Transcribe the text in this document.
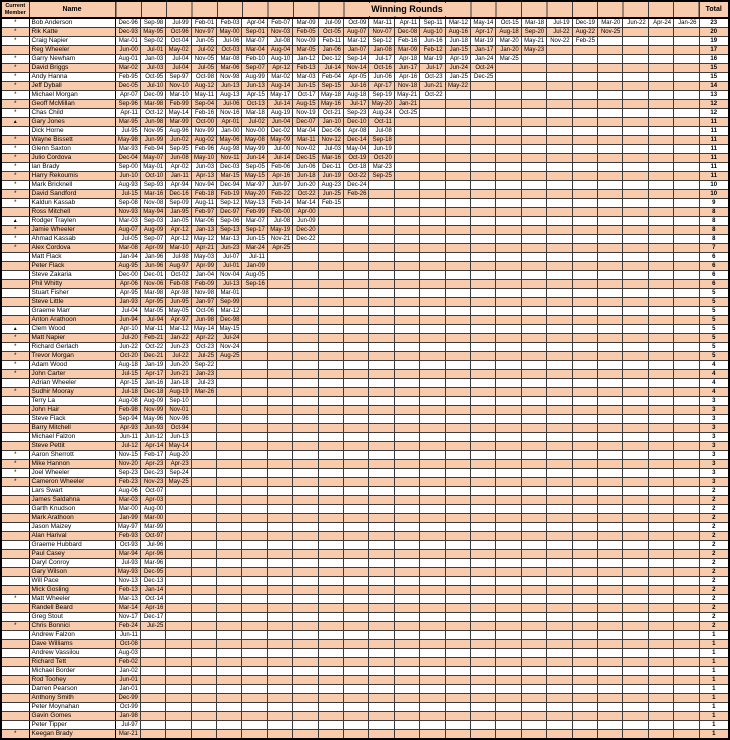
Current Member	Name	Winning Rounds																							Total
*	Bob Anderson	Dec-96	Sep-98	Jul-99	Feb-01	Feb-03	Apr-04	Feb-07	Mar-09	Jul-09	Oct-09	Mar-11	Apr-11	Sep-11	Mar-12	May-14	Oct-15	Mar-18	Jul-19	Dec-19	Mar-20	Jun-22	Apr-24	Jan-26	23
*	Rik Katte	Dec-93	May-95	Oct-96	Nov-97	May-00	Sep-01	Nov-03	Feb-05	Oct-05	Aug-07	Nov-07	Dec-08	Aug-10	Aug-16	Apr-17	Aug-18	Sep-20	Jul-22	Aug-22	Nov-25				20
*	Craig Napier	Mar-01	Sep-02	Oct-04	Jun-05	Jul-06	Mar-07	Jul-08	Nov-09	Feb-11	Mar-12	Sep-12	Feb-16	Jun-16	Jun-18	Mar-19	Mar-20	May-21	Nov-22	Feb-25					19
	Reg Wheeler	Jun-00	Jul-01	May-02	Jul-02	Oct-03	Mar-04	Aug-04	Mar-05	Jan-06	Jan-07	Jan-08	Mar-09	Feb-12	Jan-15	Jan-17	Jan-20	May-23							17
*	Garry Newham	Aug-01	Jan-03	Jul-04	Nov-05	Mar-08	Feb-10	Aug-10	Jan-12	Dec-12	Sep-14	Jul-17	Apr-18	Mar-19	Apr-19	Jan-24	Mar-25								16
*	David Briggs	Mar-02	Jul-03	Jul-04	Jul-05	Mar-06	Sep-07	Apr-12	Feb-13	Jul-14	Nov-14	Oct-16	Jun-17	Jul-17	Jun-24	Oct-24									15
*	Andy Hanna	Feb-95	Oct-95	Sep-97	Oct-98	Nov-98	Aug-99	Mar-02	Mar-03	Feb-04	Apr-05	Jun-06	Apr-16	Oct-23	Jan-25	Dec-25									15
*	Jeff Dyball	Dec-05	Jul-10	Nov-10	Aug-12	Jun-13	Jun-13	Aug-14	Jun-15	Sep-15	Jul-16	Apr-17	Nov-18	Jun-21	May-22										14
*	Michael Morgan	Apr-07	Dec-09	Mar-10	May-11	Aug-13	Apr-15	May-17	Oct-17	May-18	Aug-18	Sep-19	May-21	Oct-22											13
*	Geoff McMillan	Sep-96	Mar-98	Feb-99	Sep-04	Jul-06	Oct-13	Jul-14	Aug-15	May-16	Jul-17	May-20	Jan-21												12
*	Chas Child	Apr-11	Oct-12	May-14	Feb-16	Nov-16	Mar-18	Aug-19	Nov-19	Oct-21	Sep-23	Aug-24	Oct-25												12
▲	Gary Jones	Mar-95	Jun-98	Mar-99	Oct-00	Apr-01	Jul-02	Jun-04	Dec-07	Jan-10	Dec-10	Oct-11													11
	Dick Horne	Jul-95	Nov-95	Aug-96	Nov-99	Jan-00	Nov-00	Dec-02	Mar-04	Dec-06	Apr-08	Jul-08													11
*	Wayne Bissett	May-98	Jun-99	Jun-02	Aug-02	May-06	May-08	May-09	Mar-11	Nov-12	Dec-14	Sep-18													11
*	Glenn Saxton	Mar-93	Feb-94	Sep-95	Feb-96	Aug-98	May-99	Jul-00	Nov-02	Jul-03	May-04	Jun-19													11
*	Julio Cordova	Dec-04	May-07	Jun-08	May-10	Nov-11	Jun-14	Jul-14	Dec-15	Mar-16	Oct-19	Oct-20													11
*	Ian Brady	Sep-00	May-01	Apr-02	Jun-03	Dec-03	Sep-05	Feb-06	Jun-06	Dec-11	Oct-18	Mar-23													11
*	Harry Rekoumis	Jun-10	Oct-10	Jan-11	Apr-13	Mar-15	May-15	Apr-16	Jun-18	Jun-19	Oct-22	Sep-25													11
*	Mark Bricknell	Aug-93	Sep-93	Apr-94	Nov-94	Dec-94	Mar-97	Jun-97	Jun-20	Aug-23	Dec-24														10
*	David Sandford	Jul-15	Mar-16	Dec-16	Feb-18	Feb-19	May-20	Feb-22	Oct-22	Jun-25	Feb-26														10
*	Kaldun Kassab	Sep-08	Nov-08	Sep-09	Aug-11	Sep-12	May-13	Feb-14	Mar-14	Feb-15															9
	Ross Mitchell	Nov-93	May-94	Jan-95	Feb-97	Dec-97	Feb-99	Feb-00	Apr-00																8
▲	Rodger Traylen	Mar-03	Sep-03	Jan-05	Mar-06	Sep-06	Mar-07	Jul-08	Jun-09																8
*	Jamie Wheeler	Aug-07	Aug-09	Apr-12	Jan-13	Sep-13	Sep-17	May-19	Dec-20																8
*	Ahmad Kassab	Jul-05	Sep-07	Apr-12	May-12	Mar-13	Jun-15	Nov-21	Dec-22																8
*	Alex Cordova	Mar-08	Apr-09	Mar-10	Apr-21	Jun-23	Mar-24	Apr-25																	7
	Matt Flack	Jan-94	Jan-96	Jul-98	May-03	Jul-07	Jul-11																		6
	Peter Flack	Aug-95	Jun-96	Aug-97	Apr-99	Jul-01	Jan-09																		6
	Steve Zakaria	Dec-00	Dec-01	Oct-02	Jan-04	Nov-04	Aug-05																		6
	Phil Whitty	Apr-06	Nov-06	Feb-08	Feb-09	Jul-13	Sep-16																		6
	Stuart Fisher	Apr-95	Mar-98	Apr-98	Nov-98	Mar-01																			5
	Steve Little	Jan-93	Apr-95	Jun-95	Jan-97	Sep-99																			5
	Graeme Marr	Jul-04	Mar-05	May-05	Oct-06	Mar-12																			5
	Anton Arathoon	Jun-94	Jul-94	Apr-97	Jun-98	Dec-98																			5
▲	Clem Wood	Apr-10	Mar-11	Mar-12	May-14	May-15																			5
*	Matt Napier	Jul-20	Feb-21	Jan-22	Apr-22	Jul-24																			5
*	Richard Gerlach	Jun-22	Oct-22	Jun-23	Oct-23	Nov-24																			5
*	Trevor Morgan	Oct-20	Dec-21	Jul-22	Jul-25	Aug-25																			5
*	Adam Wood	Aug-18	Jan-19	Jun-20	Sep-22																				4
*	John Carter	Jul-15	Apr-17	Jun-21	Jan-23																				4
	Adrian Wheeler	Apr-15	Jan-16	Jan-18	Jul-23																				4
*	Sudhir Mooray	Jul-18	Dec-18	Aug-19	Mar-26																				4
	Terry La	Aug-08	Aug-09	Sep-10																					3
	John Hair	Feb-98	Nov-99	Nov-01																					3
	Steve Flack	Sep-94	May-96	Nov-96																					3
	Barry Mitchell	Apr-93	Jun-93	Oct-94																					3
	Michael Falzon	Jun-11	Jun-12	Jun-13																					3
	Steve Pettit	Jul-12	Apr-14	May-14																					3
*	Aaron Sherrott	Nov-15	Feb-17	Aug-20																					3
*	Mike Hannon	Nov-20	Apr-23	Apr-23																					3
*	Joel Wheeler	Sep-23	Dec-23	Sep-24																					3
*	Cameron Wheeler	Feb-23	Nov-23	May-25																					3
	Lars Swart	Aug-06	Oct-07																						2
	James Saldahna	Mar-03	Apr-03																						2
	Garth Knudson	Mar-00	Aug-00																						2
	Mark Arathoon	Jan-99	Mar-00																						2
	Jason Maizey	May-97	Mar-99																						2
	Alan Harival	Feb-93	Oct-97																						2
	Graeme Hubbard	Oct-93	Jul-96																						2
	Paul Casey	Mar-94	Apr-96																						2
	Daryl Conroy	Jul-93	Mar-96																						2
	Gary Wilson	May-93	Dec-95																						2
	Will Pace	Nov-13	Dec-13																						2
	Mick Gosling	Feb-13	Jan-14																						2
*	Matt Wheeler	Mar-13	Oct-14																						2
	Randell Beard	Mar-14	Apr-16																						2
	Greg Stout	Nov-17	Dec-17																						2
*	Chris Bonnici	Feb-24	Jul-25																						2
	Andrew Falzon	Jun-11																							1
	Dave Williams	Oct-08																							1
	Andrew Vassilou	Aug-03																							1
	Richard Tett	Feb-02																							1
	Michael Border	Jan-02																							1
	Rod Toohey	Jun-01																							1
	Darren Pearson	Jan-01																							1
	Anthony Smith	Dec-99																							1
	Peter Moynahan	Oct-99																							1
	Gavin Gomes	Jan-98																							1
	Peter Tipper	Jul-97																							1
*	Keegan Brady	Mar-21																							1
